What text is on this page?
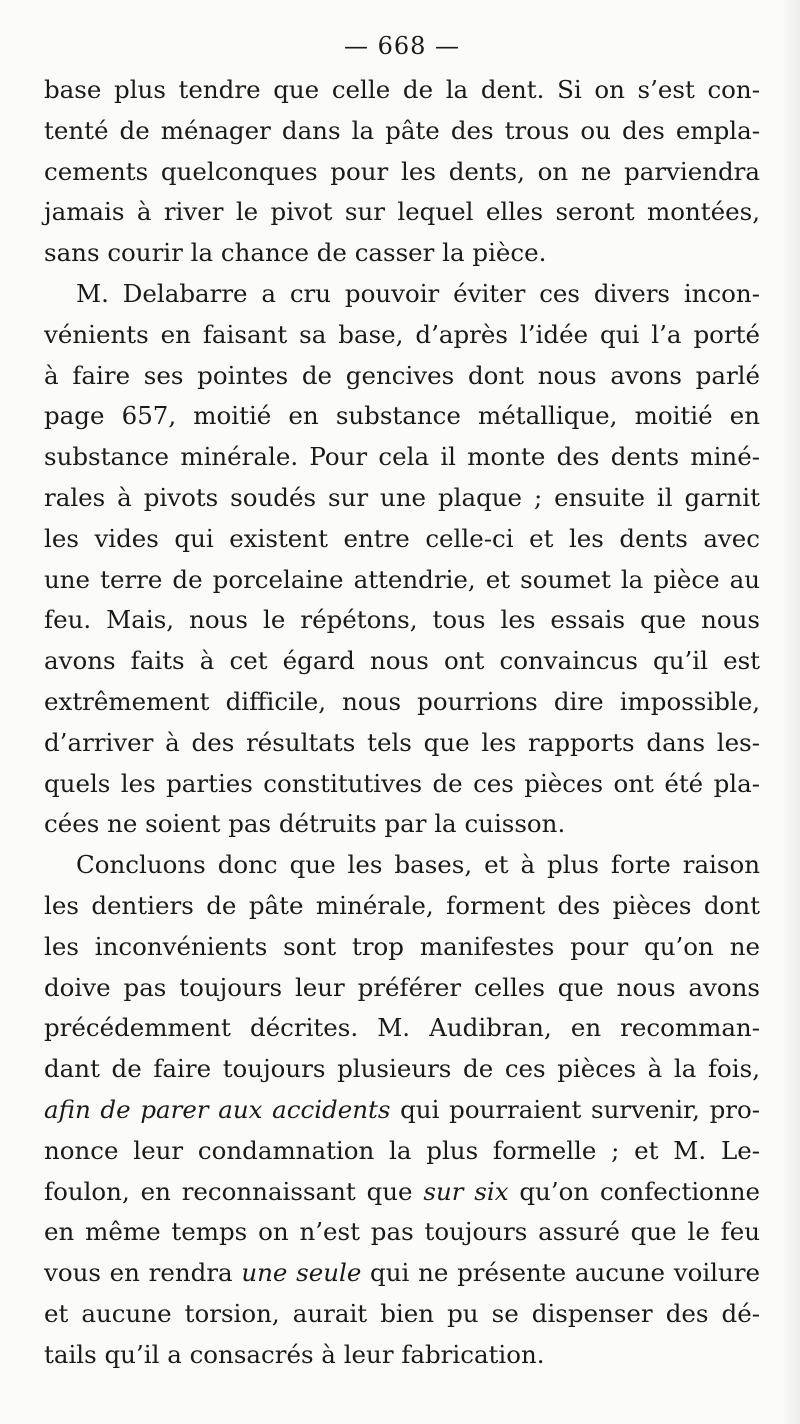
— 668 —

base plus tendre que celle de la dent. Si on s’est con-
tenté de ménager dans la pâte des trous ou des empla-
cements quelconques pour les dents, on ne parviendra
jamais à river le pivot sur lequel elles seront montées,
sans courir la chance de casser la pièce.

M. Delabarre a cru pouvoir éviter ces divers incon-
vénients en faisant sa base, d’après l’idée qui l’a porté
à faire ses pointes de gencives dont nous avons parlé
page 657, moitié en substance métallique, moitié en
substance minérale. Pour cela il monte des dents miné-
rales à pivots soudés sur une plaque ; ensuite il garnit
les vides qui existent entre celle-ci et les dents avec
une terre de porcelaine attendrie, et soumet la pièce au
feu. Mais, nous le répétons, tous les essais que nous
avons faits à cet égard nous ont convaincus qu’il est
extrêmement difficile, nous pourrions dire impossible,
d’arriver à des résultats tels que les rapports dans les-
quels les parties constitutives de ces pièces ont été pla-
cées ne soient pas détruits par la cuisson.

Concluons donc que les bases, et à plus forte raison
les dentiers de pâte minérale, forment des pièces dont
les inconvénients sont trop manifestes pour qu’on ne
doive pas toujours leur préférer celles que nous avons
précédemment décrites. M. Audibran, en recomman-
dant de faire toujours plusieurs de ces pièces à la fois,
afin de parer aux accidents qui pourraient survenir, pro-
nonce leur condamnation la plus formelle ; et M. Le-
foulon, en reconnaissant que sur six qu’on confectionne
en même temps on n’est pas toujours assuré que le feu
vous en rendra une seule qui ne présente aucune voilure
et aucune torsion, aurait bien pu se dispenser des dé-
tails qu’il a consacrés à leur fabrication.
